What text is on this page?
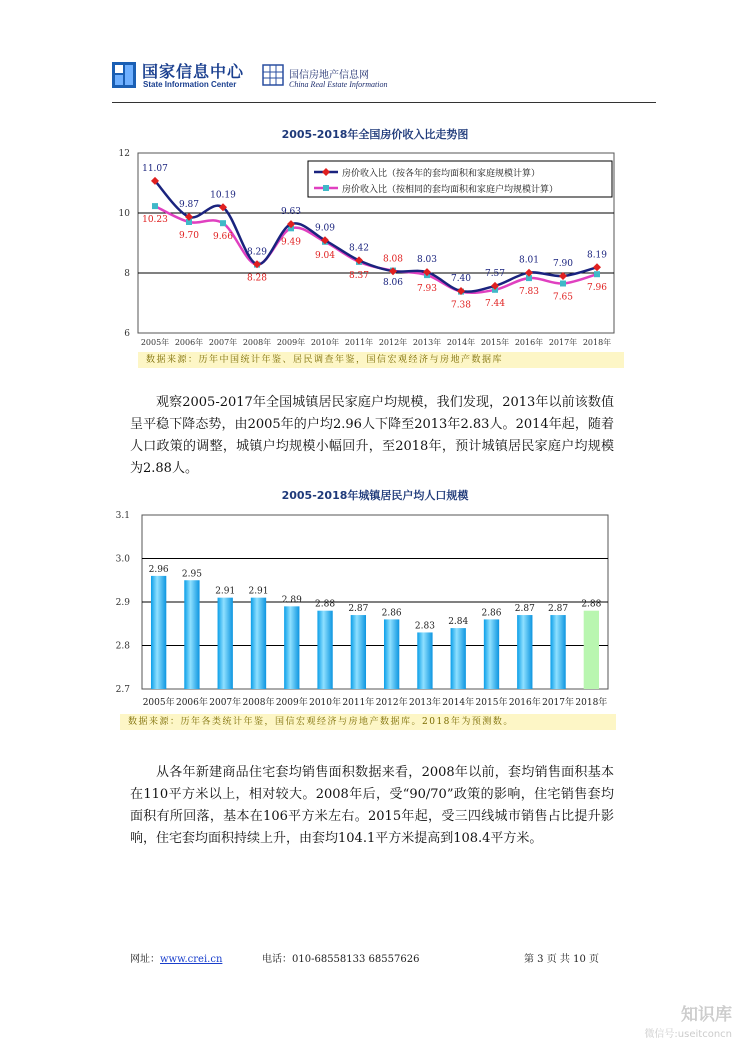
国家信息中心
State Information Center
国信房地产信息网
China Real Estate Information
2005-2018年全国房价收入比走势图
6
8
10
12
2005年 2006年 2007年 2008年 2009年 2010年 2011年 2012年 2013年 2014年 2015年 2016年 2017年 2018年
11.07
10.23
9.87
9.70
10.19
9.66
8.29
8.28
9.63
9.49
9.09
9.04
8.42
8.37
8.06
8.08 8.03
7.93
7.40
7.38
7.57
7.44
8.01
7.83
7.90
7.65
8.19
7.96
房价收入比（按各年的套均面积和家庭规模计算）
房价收入比（按相同的套均面积和家庭户均规模计算）
数据来源：历年中国统计年鉴、居民调查年鉴，国信宏观经济与房地产数据库

观察2005-2017年全国城镇居民家庭户均规模，我们发现，2013年以前该数值呈平稳下降态势，由2005年的户均2.96人下降至2013年2.83人。2014年起，随着人口政策的调整，城镇户均规模小幅回升，至2018年，预计城镇居民家庭户均规模为2.88人。

2005-2018年城镇居民户均人口规模
2.7
2.8
2.9
3.0
3.1
2.96
2005年
2.95
2006年
2.91
2007年
2.91
2008年
2.89
2009年
2.88
2010年
2.87
2011年
2.86
2012年
2.83
2013年
2.84
2014年
2.86
2015年
2.87
2016年
2.87
2017年
2.88
2018年
数据来源：历年各类统计年鉴，国信宏观经济与房地产数据库。2018年为预测数。

从各年新建商品住宅套均销售面积数据来看，2008年以前，套均销售面积基本在110平方米以上，相对较大。2008年后，受“90/70”政策的影响，住宅销售套均面积有所回落，基本在106平方米左右。2015年起，受三四线城市销售占比提升影响，住宅套均面积持续上升，由套均104.1平方米提高到108.4平方米。

网址：www.crei.cn	电话：010-68558133 68557626	第 3 页 共 10 页
知识库
微信号:useitconcn
